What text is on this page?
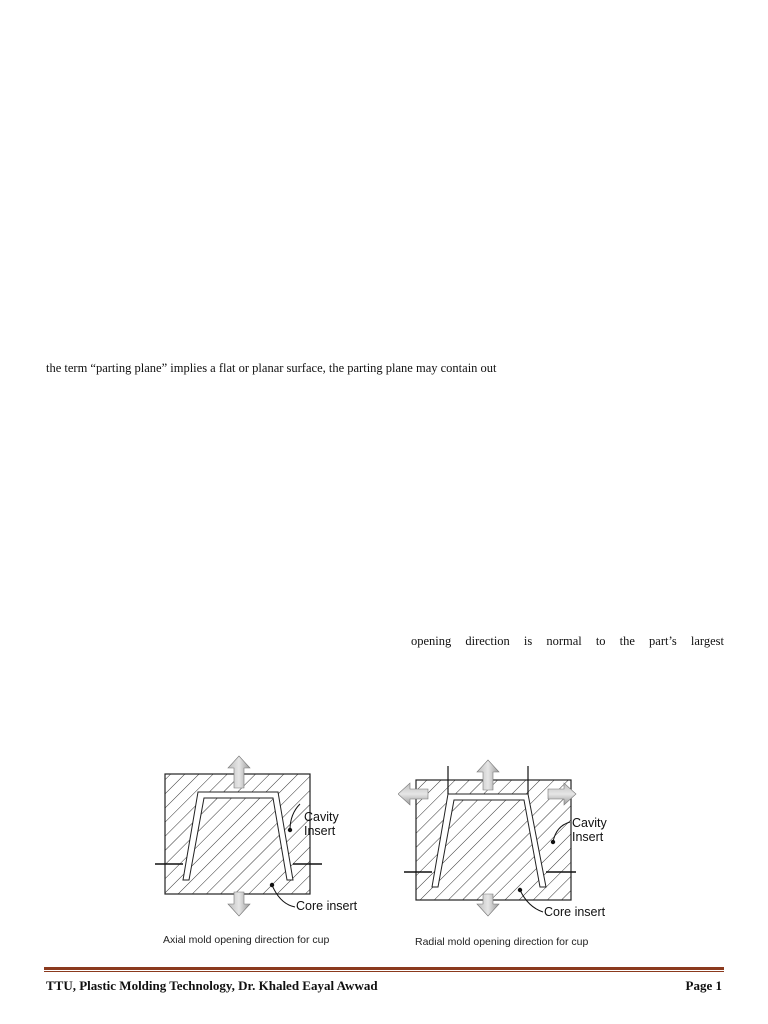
the term “parting plane” implies a flat or planar surface, the parting plane may contain out
opening direction is normal to the part’s largest
Cavity
Insert
Core insert
Axial mold opening direction for cup
Cavity
Insert
Core insert
Radial mold opening direction for cup
TTU, Plastic Molding Technology, Dr. Khaled Eayal Awwad	Page 1
